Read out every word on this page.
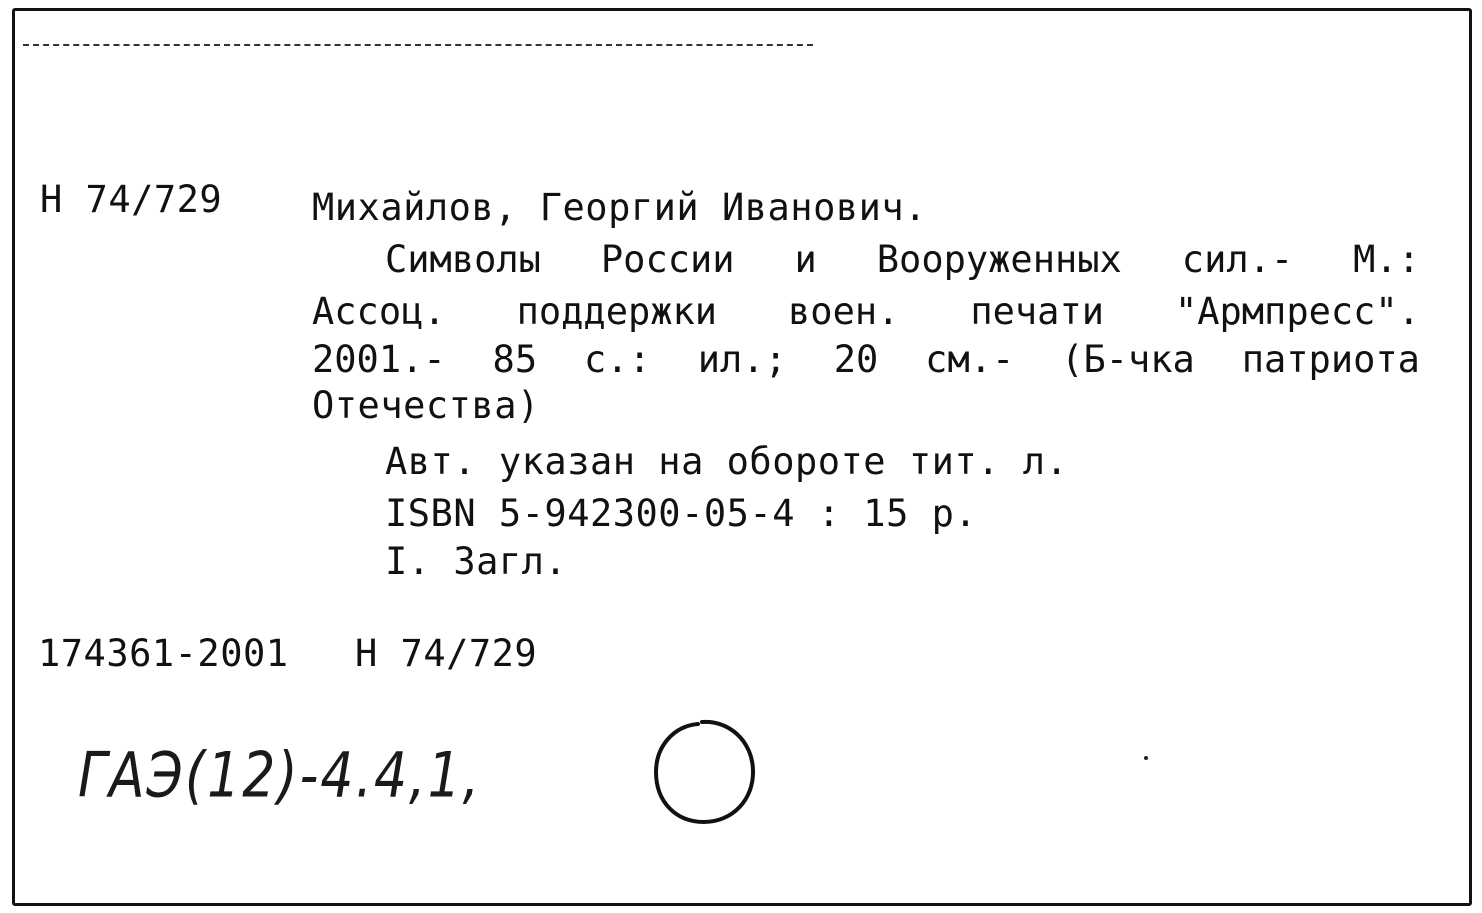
Н 74/729 Михайлов, Георгий Иванович.
Символы России и Вооруженных сил.- М.:
Ассоц. поддержки воен. печати "Армпресс".
2001.- 85 с.: ил.; 20 см.- (Б-чка патриота
Отечества)
Авт. указан на обороте тит. л.
ISBN 5-942300-05-4 : 15 р.
I. Загл.
174361-2001 Н 74/729
ГАЭ(12)-4.4,1,
